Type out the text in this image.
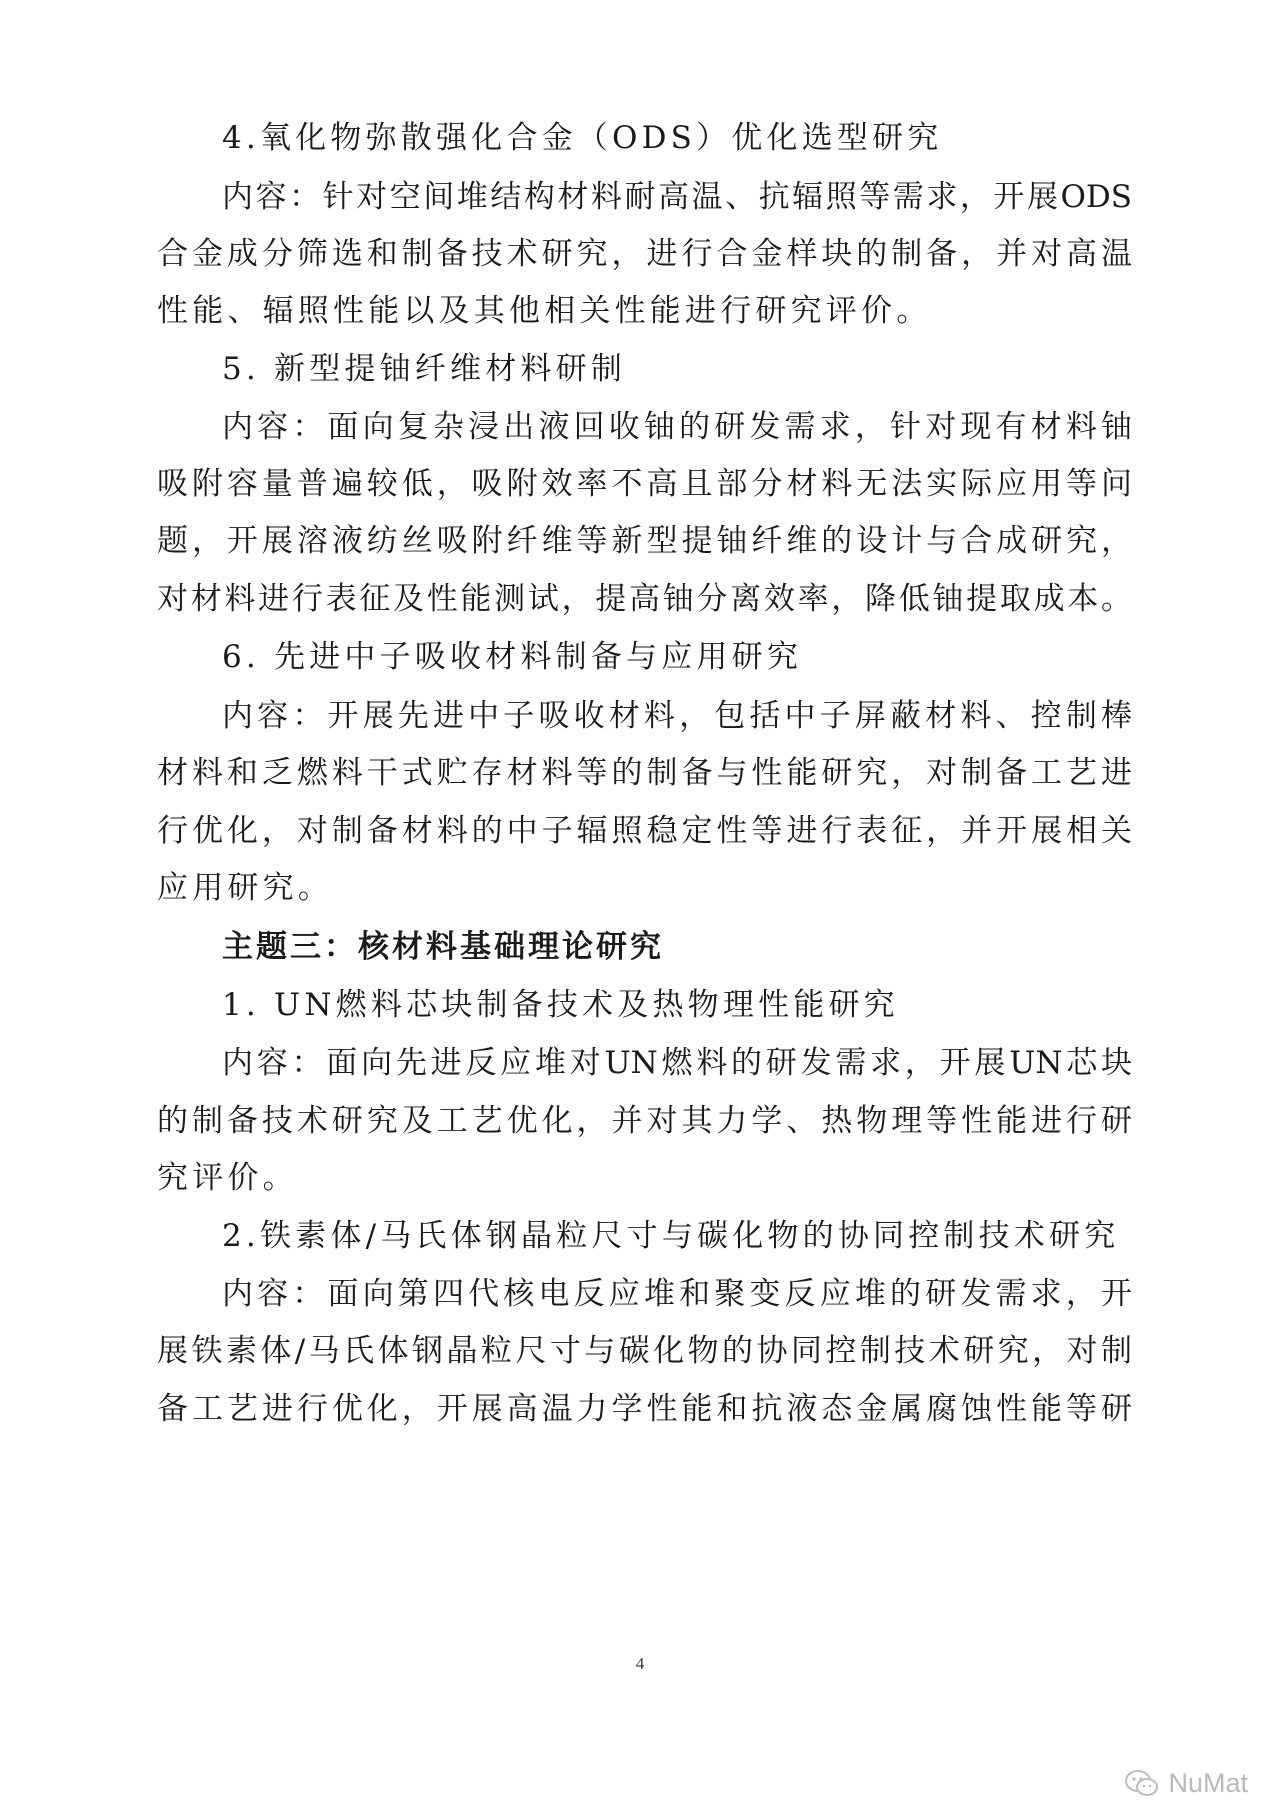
4.氧化物弥散强化合金（ODS）优化选型研究
内容：针对空间堆结构材料耐高温、抗辐照等需求，开展ODS
合金成分筛选和制备技术研究，进行合金样块的制备，并对高温
性能、辐照性能以及其他相关性能进行研究评价。
5. 新型提铀纤维材料研制
内容：面向复杂浸出液回收铀的研发需求，针对现有材料铀
吸附容量普遍较低，吸附效率不高且部分材料无法实际应用等问
题，开展溶液纺丝吸附纤维等新型提铀纤维的设计与合成研究，
对材料进行表征及性能测试，提高铀分离效率，降低铀提取成本。
6. 先进中子吸收材料制备与应用研究
内容：开展先进中子吸收材料，包括中子屏蔽材料、控制棒
材料和乏燃料干式贮存材料等的制备与性能研究，对制备工艺进
行优化，对制备材料的中子辐照稳定性等进行表征，并开展相关
应用研究。
主题三：核材料基础理论研究
1. UN燃料芯块制备技术及热物理性能研究
内容：面向先进反应堆对UN燃料的研发需求，开展UN芯块
的制备技术研究及工艺优化，并对其力学、热物理等性能进行研
究评价。
2.铁素体/马氏体钢晶粒尺寸与碳化物的协同控制技术研究
内容：面向第四代核电反应堆和聚变反应堆的研发需求，开
展铁素体/马氏体钢晶粒尺寸与碳化物的协同控制技术研究，对制
备工艺进行优化，开展高温力学性能和抗液态金属腐蚀性能等研
4
NuMat
